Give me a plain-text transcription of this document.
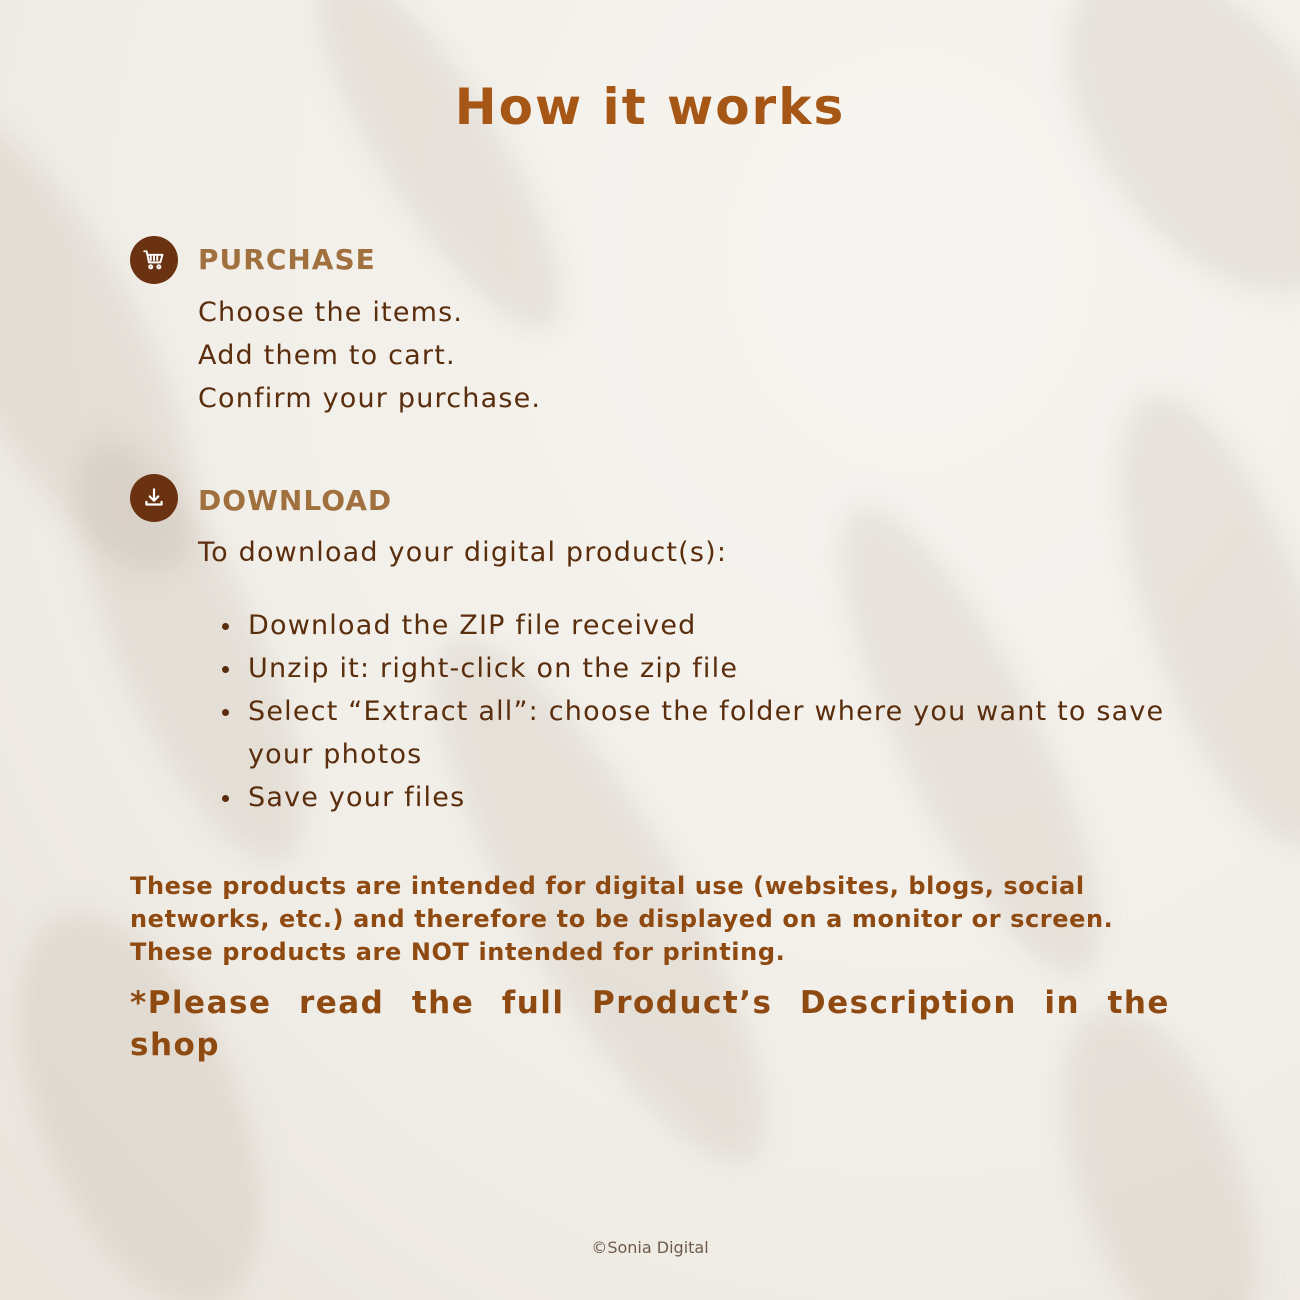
How it works
PURCHASE
Choose the items.
Add them to cart.
Confirm your purchase.
DOWNLOAD
To download your digital product(s):
Download the ZIP file received
Unzip it: right-click on the zip file
Select “Extract all”: choose the folder where you want to save your photos
Save your files
These products are intended for digital use (websites, blogs, social
networks, etc.) and therefore to be displayed on a monitor or screen.
These products are NOT intended for printing.
*Please read the full Product’s Description in the
shop
©Sonia Digital
